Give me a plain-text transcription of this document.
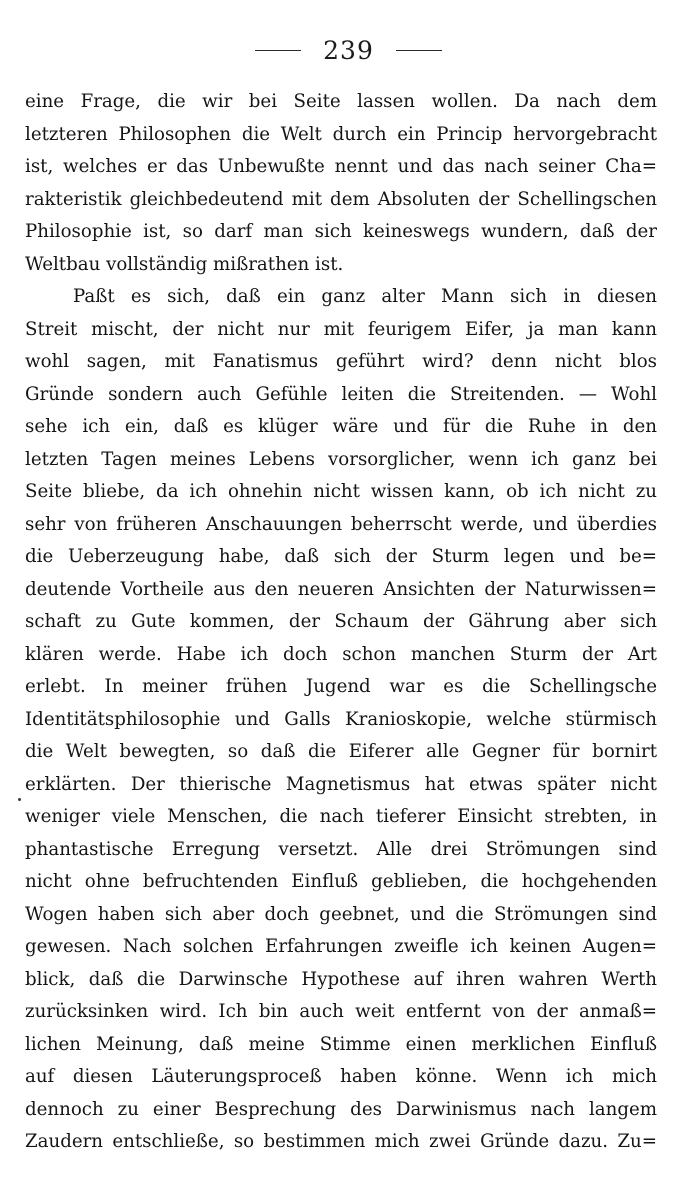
239
eine Frage, die wir bei Seite lassen wollen. Da nach dem
letzteren Philosophen die Welt durch ein Princip hervorgebracht
ist, welches er das Unbewußte nennt und das nach seiner Cha=
rakteristik gleichbedeutend mit dem Absoluten der Schellingschen
Philosophie ist, so darf man sich keineswegs wundern, daß der
Weltbau vollständig mißrathen ist.
Paßt es sich, daß ein ganz alter Mann sich in diesen
Streit mischt, der nicht nur mit feurigem Eifer, ja man kann
wohl sagen, mit Fanatismus geführt wird? denn nicht blos
Gründe sondern auch Gefühle leiten die Streitenden. — Wohl
sehe ich ein, daß es klüger wäre und für die Ruhe in den
letzten Tagen meines Lebens vorsorglicher, wenn ich ganz bei
Seite bliebe, da ich ohnehin nicht wissen kann, ob ich nicht zu
sehr von früheren Anschauungen beherrscht werde, und überdies
die Ueberzeugung habe, daß sich der Sturm legen und be=
deutende Vortheile aus den neueren Ansichten der Naturwissen=
schaft zu Gute kommen, der Schaum der Gährung aber sich
klären werde. Habe ich doch schon manchen Sturm der Art
erlebt. In meiner frühen Jugend war es die Schellingsche
Identitätsphilosophie und Galls Kranioskopie, welche stürmisch
die Welt bewegten, so daß die Eiferer alle Gegner für bornirt
erklärten. Der thierische Magnetismus hat etwas später nicht
weniger viele Menschen, die nach tieferer Einsicht strebten, in
phantastische Erregung versetzt. Alle drei Strömungen sind
nicht ohne befruchtenden Einfluß geblieben, die hochgehenden
Wogen haben sich aber doch geebnet, und die Strömungen sind
gewesen. Nach solchen Erfahrungen zweifle ich keinen Augen=
blick, daß die Darwinsche Hypothese auf ihren wahren Werth
zurücksinken wird. Ich bin auch weit entfernt von der anmaß=
lichen Meinung, daß meine Stimme einen merklichen Einfluß
auf diesen Läuterungsproceß haben könne. Wenn ich mich
dennoch zu einer Besprechung des Darwinismus nach langem
Zaudern entschließe, so bestimmen mich zwei Gründe dazu. Zu=
